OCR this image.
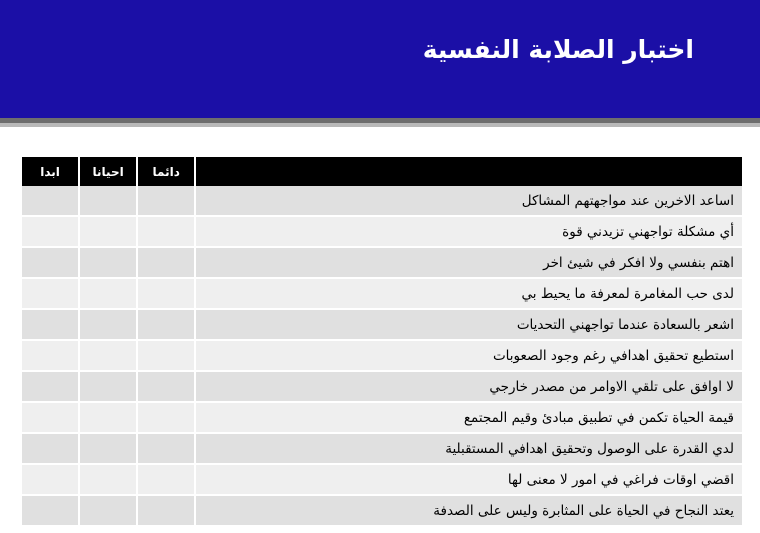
اختبار الصلابة النفسية
	دائما	احيانا	ابدا
اساعد الاخرين عند مواجهتهم المشاكل			
أي مشكلة تواجهني تزيدني قوة			
اهتم بنفسي ولا افكر في شيئ اخر			
لدى حب المغامرة لمعرفة ما يحيط بي			
اشعر بالسعادة عندما تواجهني التحديات			
استطيع تحقيق اهدافي رغم وجود الصعوبات			
لا اوافق على تلقي الاوامر من مصدر خارجي			
قيمة الحياة تكمن في تطبيق مبادئ وقيم المجتمع			
لدي القدرة على الوصول وتحقيق اهدافي المستقبلية			
اقضي اوقات فراغي في امور لا معنى لها			
يعتد النجاح في الحياة على المثابرة وليس على الصدفة			
